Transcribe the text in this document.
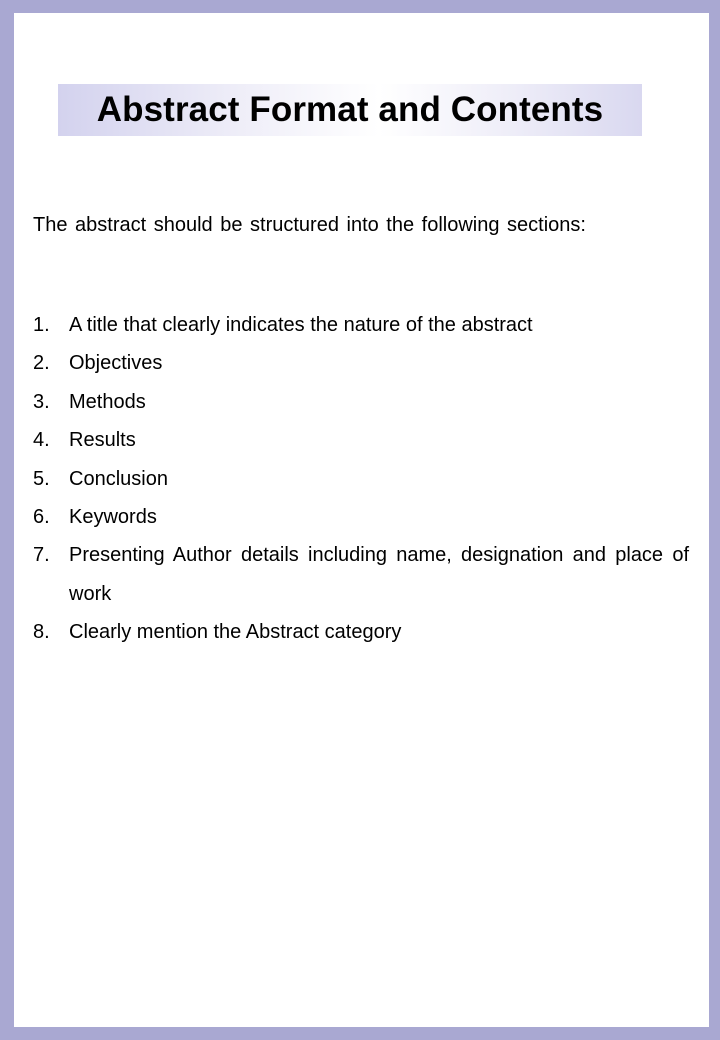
Abstract Format and Contents
The abstract should be structured into the following sections:
1. A title that clearly indicates the nature of the abstract
2. Objectives
3. Methods
4. Results
5. Conclusion
6. Keywords
7. Presenting Author details including name, designation and place of work
8. Clearly mention the Abstract category
